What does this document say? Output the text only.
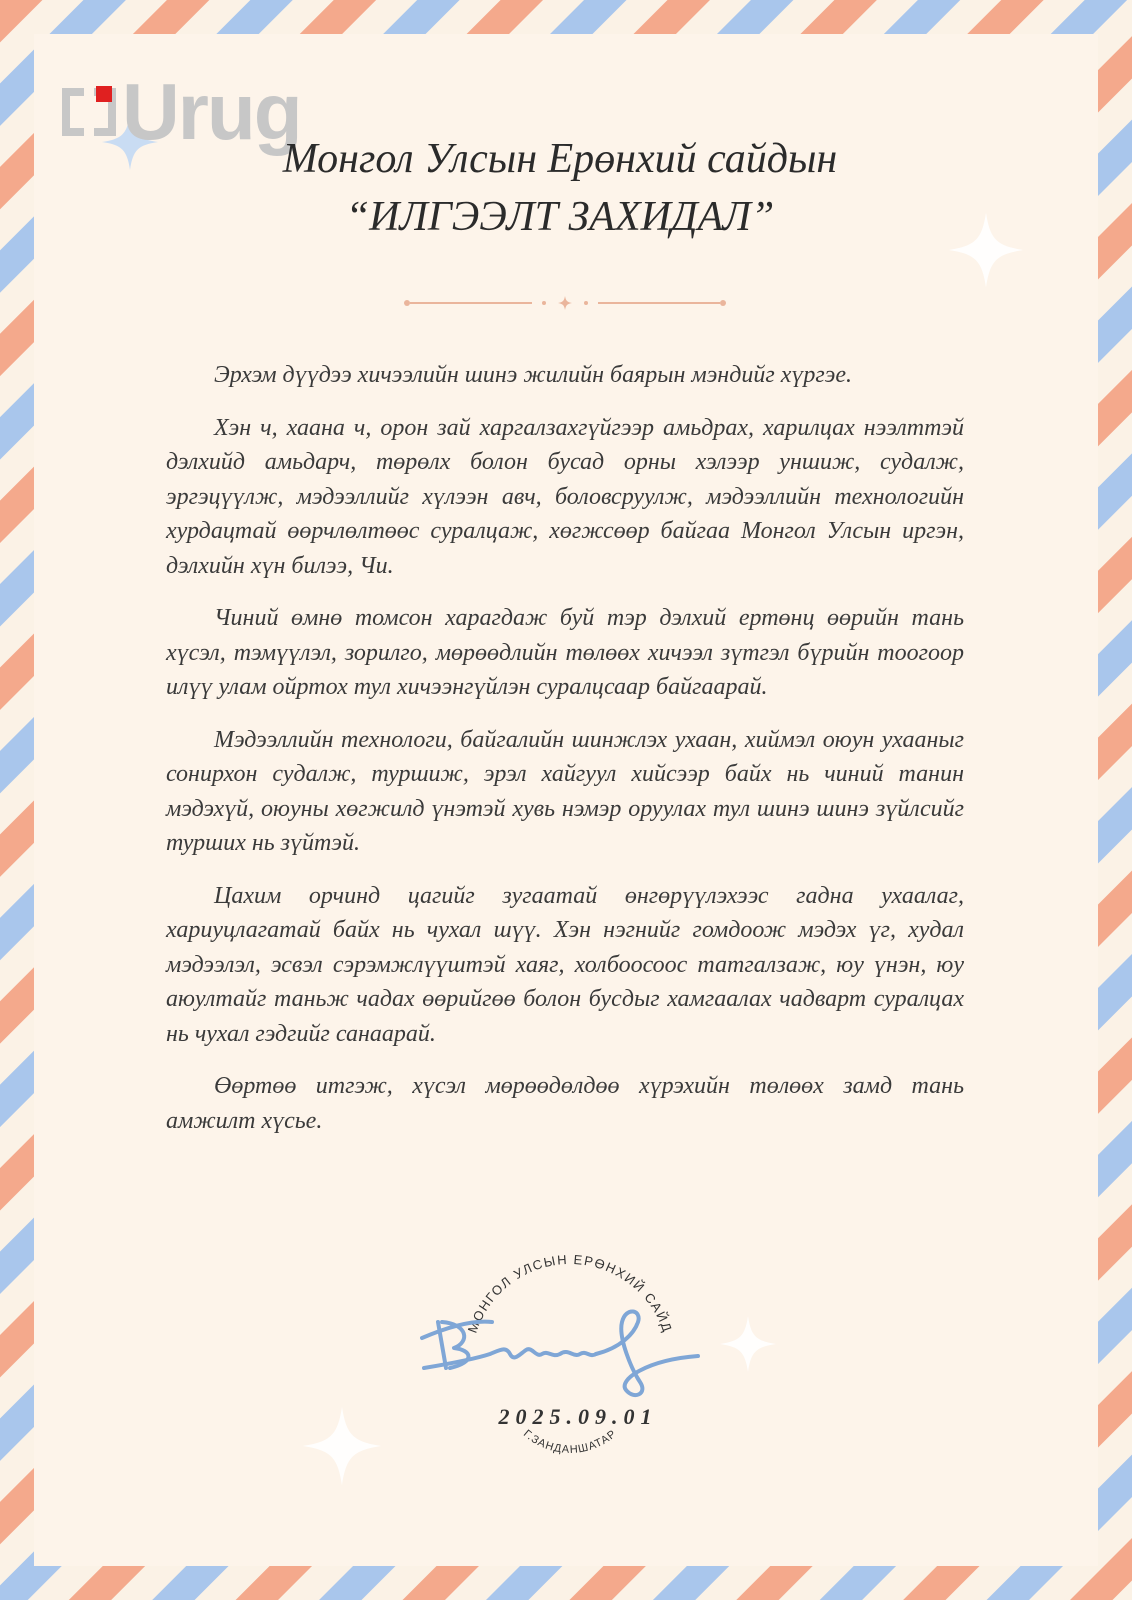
Urug
Монгол Улсын Ерөнхий сайдын
“ИЛГЭЭЛТ ЗАХИДАЛ”

Эрхэм дүүдээ хичээлийн шинэ жилийн баярын мэндийг хүргэе.

Хэн ч, хаана ч, орон зай харгалзахгүйгээр амьдрах, харилцах нээлттэй дэлхийд амьдарч, төрөлх болон бусад орны хэлээр уншиж, судалж, эргэцүүлж, мэдээллийг хүлээн авч, боловсруулж, мэдээллийн технологийн хурдацтай өөрчлөлтөөс суралцаж, хөгжсөөр байгаа Монгол Улсын иргэн, дэлхийн хүн билээ, Чи.

Чиний өмнө томсон харагдаж буй тэр дэлхий ертөнц өөрийн тань хүсэл, тэмүүлэл, зорилго, мөрөөдлийн төлөөх хичээл зүтгэл бүрийн тоогоор илүү улам ойртох тул хичээнгүйлэн суралцсаар байгаарай.

Мэдээллийн технологи, байгалийн шинжлэх ухаан, хиймэл оюун ухааныг сонирхон судалж, туршиж, эрэл хайгуул хийсээр байх нь чиний танин мэдэхүй, оюуны хөгжилд үнэтэй хувь нэмэр оруулах тул шинэ шинэ зүйлсийг турших нь зүйтэй.

Цахим орчинд цагийг зугаатай өнгөрүүлэхээс гадна ухаалаг, хариуцлагатай байх нь чухал шүү. Хэн нэгнийг гомдоож мэдэх үг, худал мэдээлэл, эсвэл сэрэмжлүүштэй хаяг, холбоосоос татгалзаж, юу үнэн, юу аюултайг таньж чадах өөрийгөө болон бусдыг хамгаалах чадварт суралцах нь чухал гэдгийг санаарай.

Өөртөө итгэж, хүсэл мөрөөдөлдөө хүрэхийн төлөөх замд тань амжилт хүсье.

МОНГОЛ УЛСЫН ЕРӨНХИЙ САЙД
Г.ЗАНДАНШАТАР
2025.09.01
